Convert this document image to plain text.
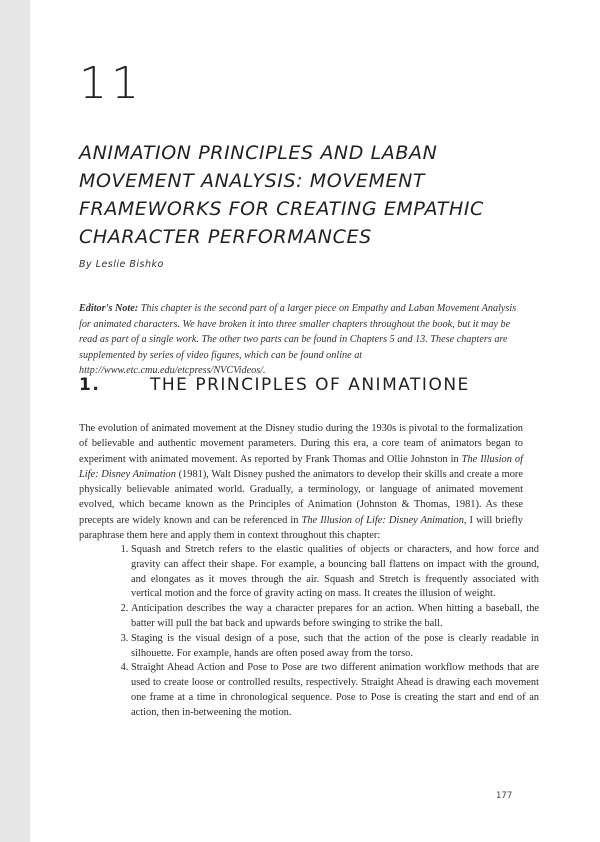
11
ANIMATION PRINCIPLES AND LABAN
MOVEMENT ANALYSIS: MOVEMENT
FRAMEWORKS FOR CREATING EMPATHIC
CHARACTER PERFORMANCES
By Leslie Bishko

Editor's Note: This chapter is the second part of a larger piece on Empathy and Laban Movement Analysis for animated characters. We have broken it into three smaller chapters throughout the book, but it may be read as part of a single work. The other two parts can be found in Chapters 5 and 13. These chapters are supplemented by series of video figures, which can be found online at http://www.etc.cmu.edu/etcpress/NVCVideos/.

1.	THE PRINCIPLES OF ANIMATIONE

The evolution of animated movement at the Disney studio during the 1930s is pivotal to the formalization of believable and authentic movement parameters. During this era, a core team of animators began to experiment with animated movement. As reported by Frank Thomas and Ollie Johnston in The Illusion of Life: Disney Animation (1981), Walt Disney pushed the animators to develop their skills and create a more physically believable animated world. Gradually, a terminology, or language of animated movement evolved, which became known as the Principles of Animation (Johnston & Thomas, 1981). As these precepts are widely known and can be referenced in The Illusion of Life: Disney Animation, I will briefly paraphrase them here and apply them in context throughout this chapter:

1. Squash and Stretch refers to the elastic qualities of objects or characters, and how force and gravity can affect their shape. For example, a bouncing ball flattens on impact with the ground, and elongates as it moves through the air. Squash and Stretch is frequently associated with vertical motion and the force of gravity acting on mass. It creates the illusion of weight.
2. Anticipation describes the way a character prepares for an action. When hitting a baseball, the batter will pull the bat back and upwards before swinging to strike the ball.
3. Staging is the visual design of a pose, such that the action of the pose is clearly readable in silhouette. For example, hands are often posed away from the torso.
4. Straight Ahead Action and Pose to Pose are two different animation workflow methods that are used to create loose or controlled results, respectively. Straight Ahead is drawing each movement one frame at a time in chronological sequence. Pose to Pose is creating the start and end of an action, then in-betweening the motion.
177
